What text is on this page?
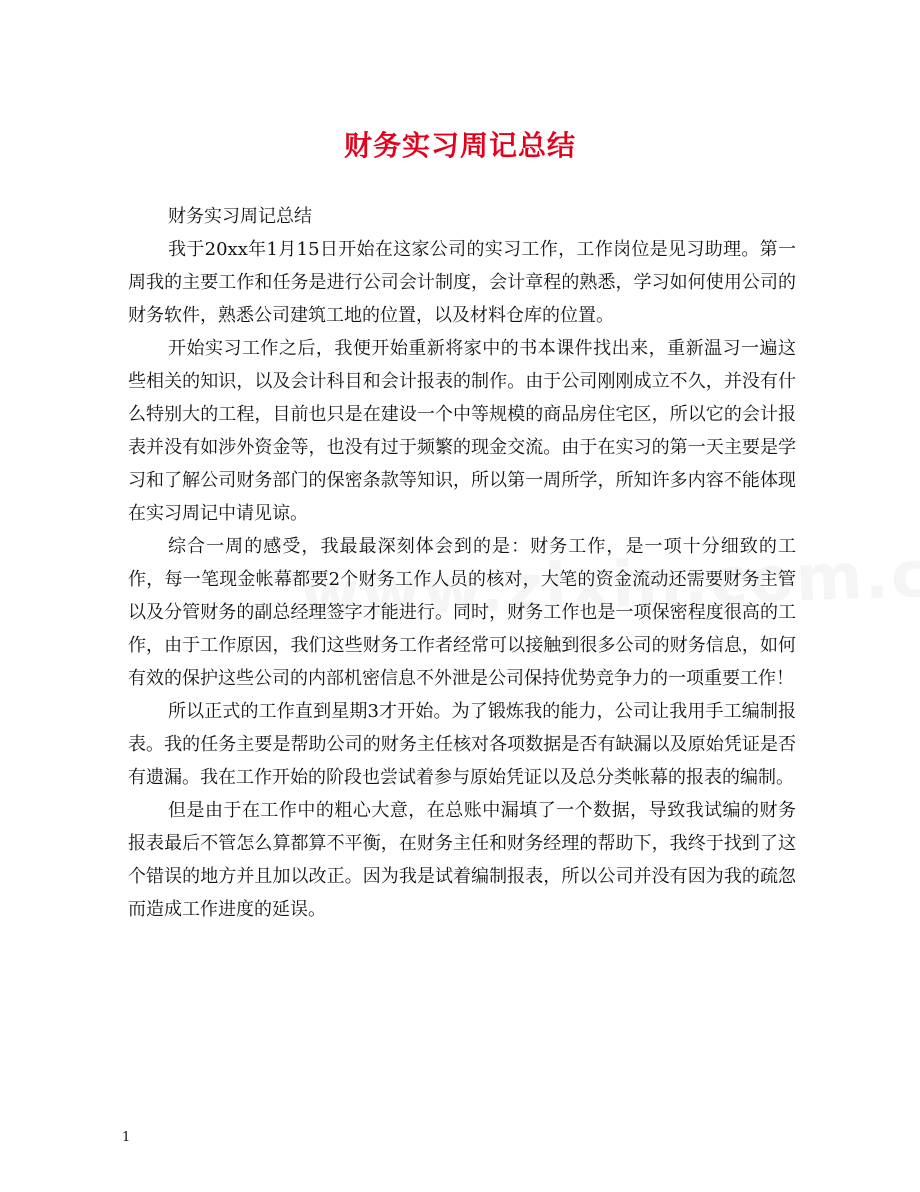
财务实习周记总结

财务实习周记总结

我于20xx年1月15日开始在这家公司的实习工作，工作岗位是见习助理。第一周我的主要工作和任务是进行公司会计制度，会计章程的熟悉，学习如何使用公司的财务软件，熟悉公司建筑工地的位置，以及材料仓库的位置。

开始实习工作之后，我便开始重新将家中的书本课件找出来，重新温习一遍这些相关的知识，以及会计科目和会计报表的制作。由于公司刚刚成立不久，并没有什么特别大的工程，目前也只是在建设一个中等规模的商品房住宅区，所以它的会计报表并没有如涉外资金等，也没有过于频繁的现金交流。由于在实习的第一天主要是学习和了解公司财务部门的保密条款等知识，所以第一周所学，所知许多内容不能体现在实习周记中请见谅。

综合一周的感受，我最最深刻体会到的是：财务工作，是一项十分细致的工作，每一笔现金帐幕都要2个财务工作人员的核对，大笔的资金流动还需要财务主管以及分管财务的副总经理签字才能进行。同时，财务工作也是一项保密程度很高的工作，由于工作原因，我们这些财务工作者经常可以接触到很多公司的财务信息，如何有效的保护这些公司的内部机密信息不外泄是公司保持优势竞争力的一项重要工作！

所以正式的工作直到星期3才开始。为了锻炼我的能力，公司让我用手工编制报表。我的任务主要是帮助公司的财务主任核对各项数据是否有缺漏以及原始凭证是否有遗漏。我在工作开始的阶段也尝试着参与原始凭证以及总分类帐幕的报表的编制。

但是由于在工作中的粗心大意，在总账中漏填了一个数据，导致我试编的财务报表最后不管怎么算都算不平衡，在财务主任和财务经理的帮助下，我终于找到了这个错误的地方并且加以改正。因为我是试着编制报表，所以公司并没有因为我的疏忽而造成工作进度的延误。

1
